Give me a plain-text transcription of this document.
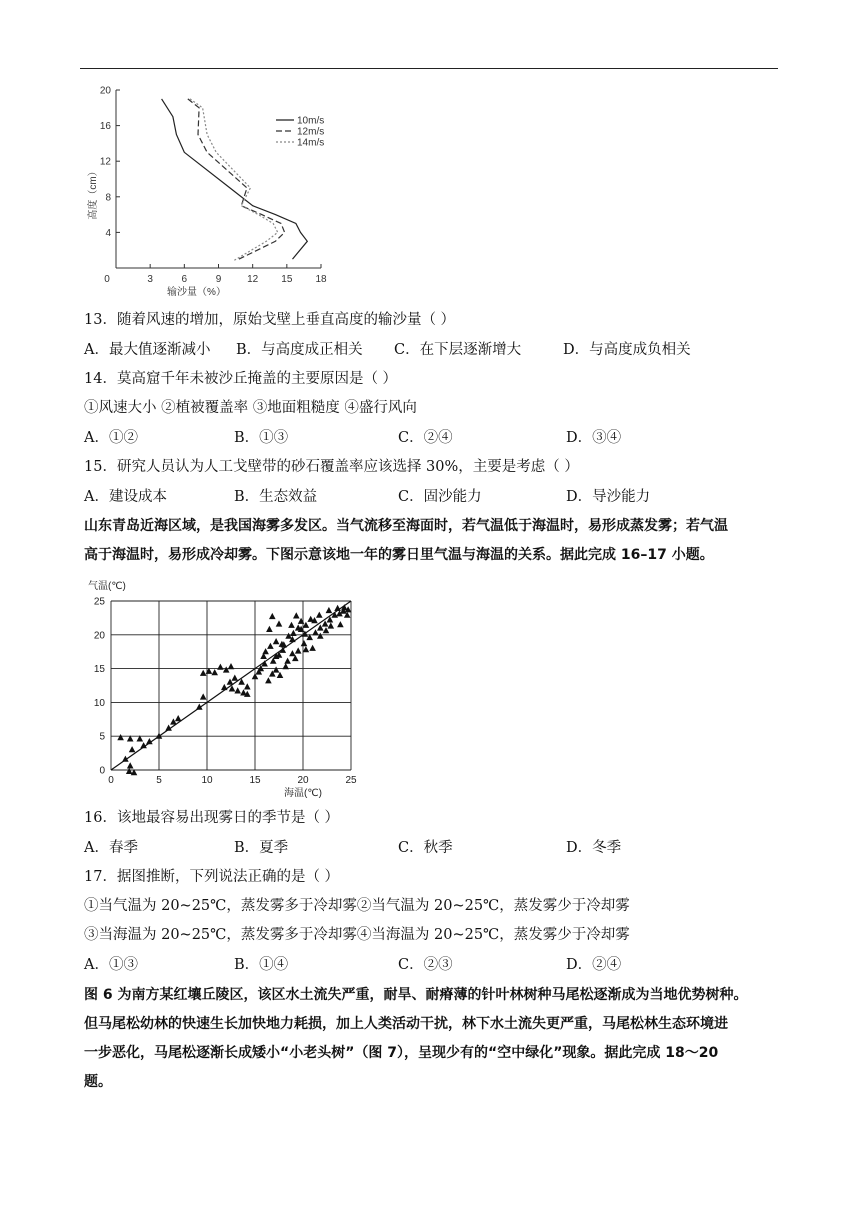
0	3	6	9	12 15 18
4
8
12
16
20
输沙量（%）
高度（cm）
10m/s
12m/s
14m/s
13．随着风速的增加，原始戈壁上垂直高度的输沙量（ ）
A．最大值逐渐减小 B．与高度成正相关 C．在下层逐渐增大	D．与高度成负相关
14．莫高窟千年未被沙丘掩盖的主要原因是（ ）
①风速大小 ②植被覆盖率 ③地面粗糙度 ④盛行风向
A．①②	B．①③	C．②④	D．③④
15．研究人员认为人工戈壁带的砂石覆盖率应该选择 30%，主要是考虑（ ）
A．建设成本	B．生态效益	C．固沙能力	D．导沙能力
山东青岛近海区域，是我国海雾多发区。当气流移至海面时，若气温低于海温时，易形成蒸发雾；若气温
高于海温时，易形成冷却雾。下图示意该地一年的雾日里气温与海温的关系。据此完成 16–17 小题。
0	5	10	15	20	25
0
5
10
15
20
25
气温(℃)
海温(℃)
16．该地最容易出现雾日的季节是（ ）
A．春季	B．夏季	C．秋季	D．冬季
17．据图推断，下列说法正确的是（ ）
①当气温为 20~25℃，蒸发雾多于冷却雾②当气温为 20~25℃，蒸发雾少于冷却雾
③当海温为 20~25℃，蒸发雾多于冷却雾④当海温为 20~25℃，蒸发雾少于冷却雾
A．①③	B．①④	C．②③	D．②④
图 6 为南方某红壤丘陵区，该区水土流失严重，耐旱、耐瘠薄的针叶林树种马尾松逐渐成为当地优势树种。
但马尾松幼林的快速生长加快地力耗损，加上人类活动干扰，林下水土流失更严重，马尾松林生态环境进
一步恶化，马尾松逐渐长成矮小“小老头树”（图 7），呈现少有的“空中绿化”现象。据此完成 18～20
题。
